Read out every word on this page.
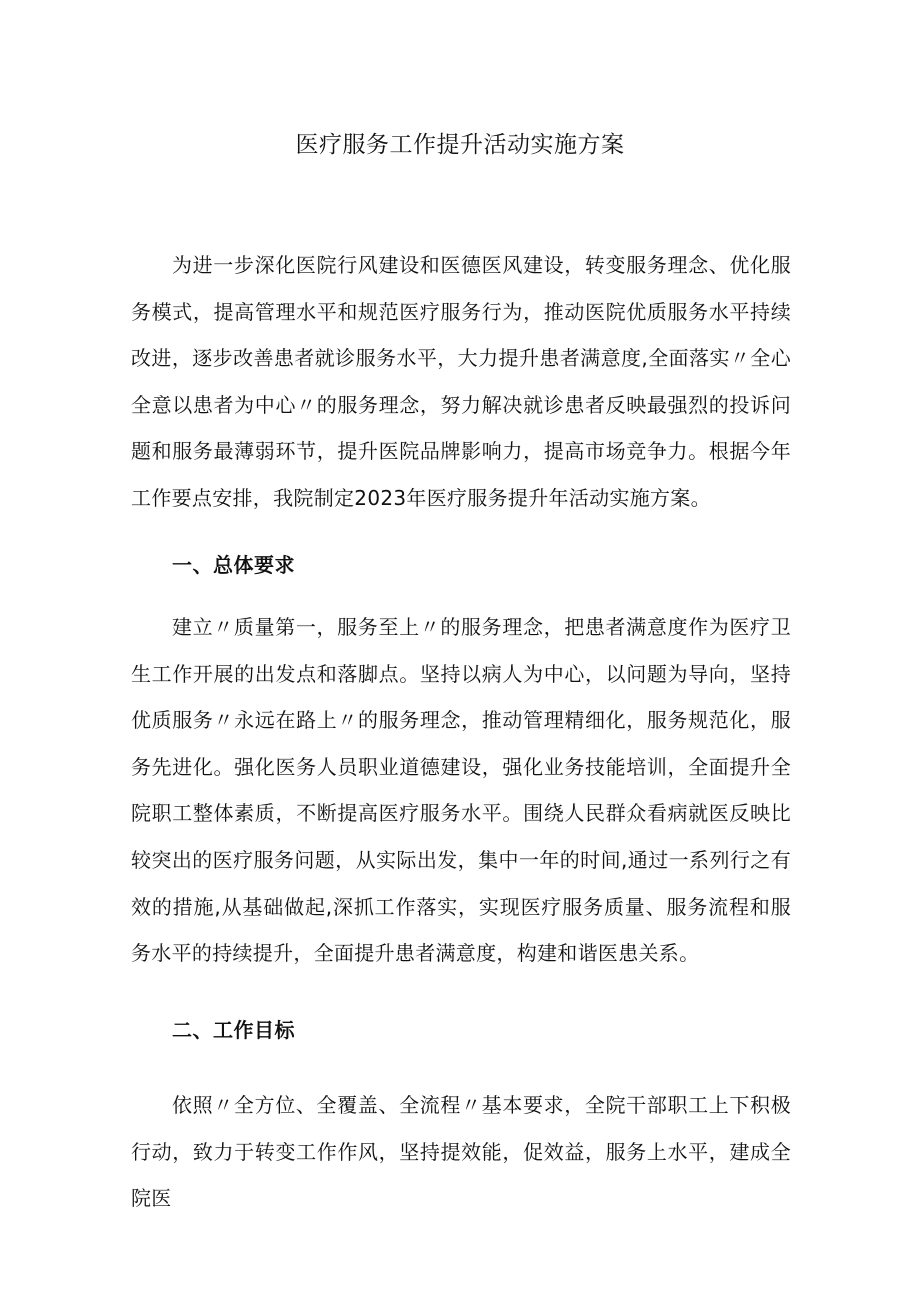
医疗服务工作提升活动实施方案

为进一步深化医院行风建设和医德医风建设，转变服务理念、优化服务模式，提高管理水平和规范医疗服务行为，推动医院优质服务水平持续改进，逐步改善患者就诊服务水平，大力提升患者满意度,全面落实〃全心全意以患者为中心〃的服务理念，努力解决就诊患者反映最强烈的投诉问题和服务最薄弱环节，提升医院品牌影响力，提高市场竞争力。根据今年工作要点安排，我院制定2023年医疗服务提升年活动实施方案。

一、总体要求

建立〃质量第一，服务至上〃的服务理念，把患者满意度作为医疗卫生工作开展的出发点和落脚点。坚持以病人为中心，以问题为导向，坚持优质服务〃永远在路上〃的服务理念，推动管理精细化，服务规范化，服务先进化。强化医务人员职业道德建设，强化业务技能培训，全面提升全院职工整体素质，不断提高医疗服务水平。围绕人民群众看病就医反映比较突出的医疗服务问题，从实际出发，集中一年的时间,通过一系列行之有效的措施,从基础做起,深抓工作落实，实现医疗服务质量、服务流程和服务水平的持续提升，全面提升患者满意度，构建和谐医患关系。

二、工作目标

依照〃全方位、全覆盖、全流程〃基本要求，全院干部职工上下积极行动，致力于转变工作作风，坚持提效能，促效益，服务上水平，建成全院医
